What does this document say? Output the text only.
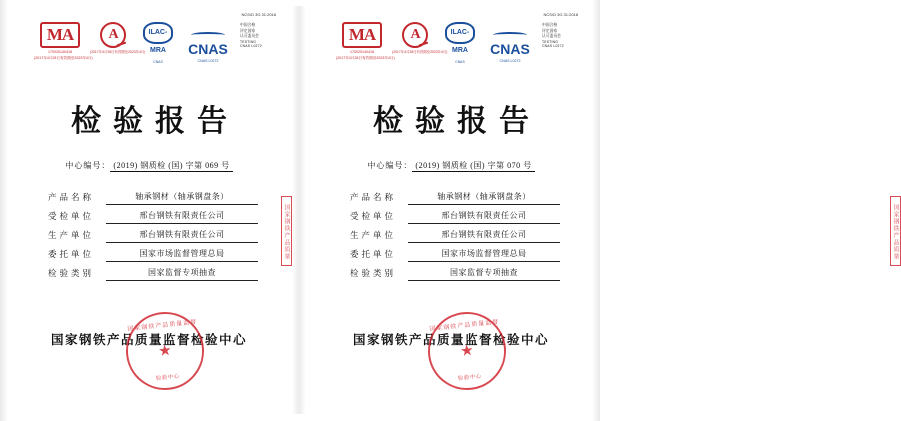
NCS/D 3G 31:2018
MA
170020140418
(2017年4月28日有效期至2023年4月)
A
(2017年4月28日有效期至2023年4月)
ILAC-MRA
CNAS

CNAS
CNAS L0272
中国合格
评定国家
认可委员会
TESTING
CNAS L0272
检验报告
中心编号： (2019) 钢质检 (国) 字第 069 号
产品名称	轴承钢材（轴承钢盘条）
受检单位	邢台钢铁有限责任公司
生产单位	邢台钢铁有限责任公司
委托单位	国家市场监督管理总局
检验类别	国家监督专项抽查
国家钢铁产品质量监督检验中心
国家钢铁产品质量监督
★
检验中心
国家钢铁产品质量
NCS/D 3G 31:2018
MA
170020140418
(2017年4月28日有效期至2023年4月)
A
(2017年4月28日有效期至2023年4月)
ILAC-MRA
CNAS

CNAS
CNAS L0272
中国合格
评定国家
认可委员会
TESTING
CNAS L0272
检验报告
中心编号： (2019) 钢质检 (国) 字第 070 号
产品名称	轴承钢材（轴承钢盘条）
受检单位	邢台钢铁有限责任公司
生产单位	邢台钢铁有限责任公司
委托单位	国家市场监督管理总局
检验类别	国家监督专项抽查
国家钢铁产品质量监督检验中心
国家钢铁产品质量监督
★
检验中心
国家钢铁产品质量
